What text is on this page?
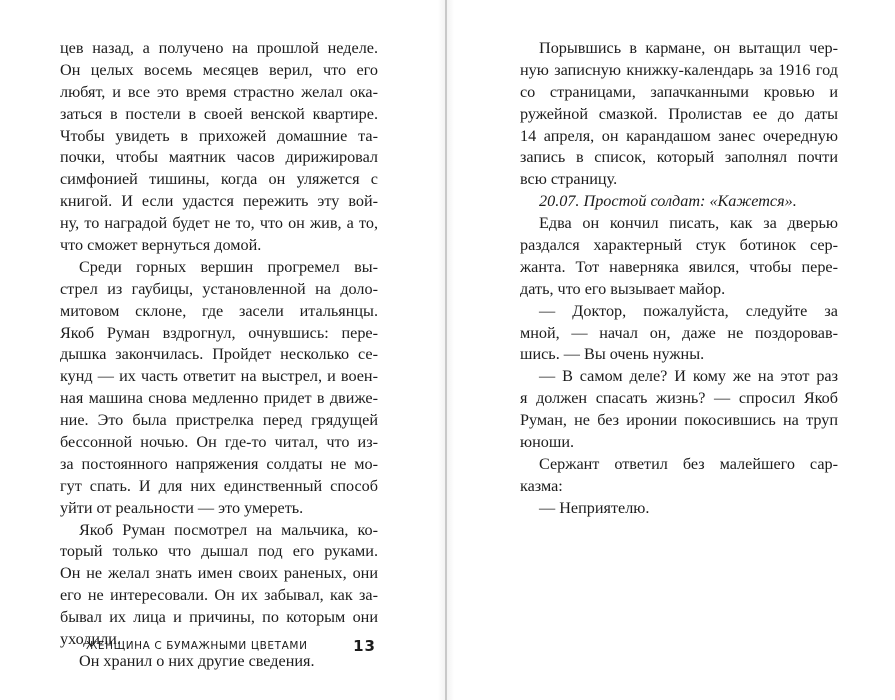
цев назад, а получено на прошлой неделе.
Он целых восемь месяцев верил, что его
любят, и все это время страстно желал ока-
заться в постели в своей венской квартире.
Чтобы увидеть в прихожей домашние та-
почки, чтобы маятник часов дирижировал
симфонией тишины, когда он уляжется с
книгой. И если удастся пережить эту вой-
ну, то наградой будет не то, что он жив, а то,
что сможет вернуться домой.
Среди горных вершин прогремел вы-
стрел из гаубицы, установленной на доло-
митовом склоне, где засели итальянцы.
Якоб Руман вздрогнул, очнувшись: пере-
дышка закончилась. Пройдет несколько се-
кунд — их часть ответит на выстрел, и воен-
ная машина снова медленно придет в движе-
ние. Это была пристрелка перед грядущей
бессонной ночью. Он где-то читал, что из-
за постоянного напряжения солдаты не мо-
гут спать. И для них единственный способ
уйти от реальности — это умереть.
Якоб Руман посмотрел на мальчика, ко-
торый только что дышал под его руками.
Он не желал знать имен своих раненых, они
его не интересовали. Он их забывал, как за-
бывал их лица и причины, по которым они
уходили.
Он хранил о них другие сведения.
ЖЕНЩИНА С БУМАЖНЫМИ ЦВЕТАМИ	13
Порывшись в кармане, он вытащил чер-
ную записную книжку-календарь за 1916 год
со страницами, запачканными кровью и
ружейной смазкой. Пролистав ее до даты
14 апреля, он карандашом занес очередную
запись в список, который заполнял почти
всю страницу.
20.07. Простой солдат: «Кажется».
Едва он кончил писать, как за дверью
раздался характерный стук ботинок сер-
жанта. Тот наверняка явился, чтобы пере-
дать, что его вызывает майор.
— Доктор, пожалуйста, следуйте за
мной, — начал он, даже не поздоровав-
шись. — Вы очень нужны.
— В самом деле? И кому же на этот раз
я должен спасать жизнь? — спросил Якоб
Руман, не без иронии покосившись на труп
юноши.
Сержант ответил без малейшего сар-
казма:
— Неприятелю.
